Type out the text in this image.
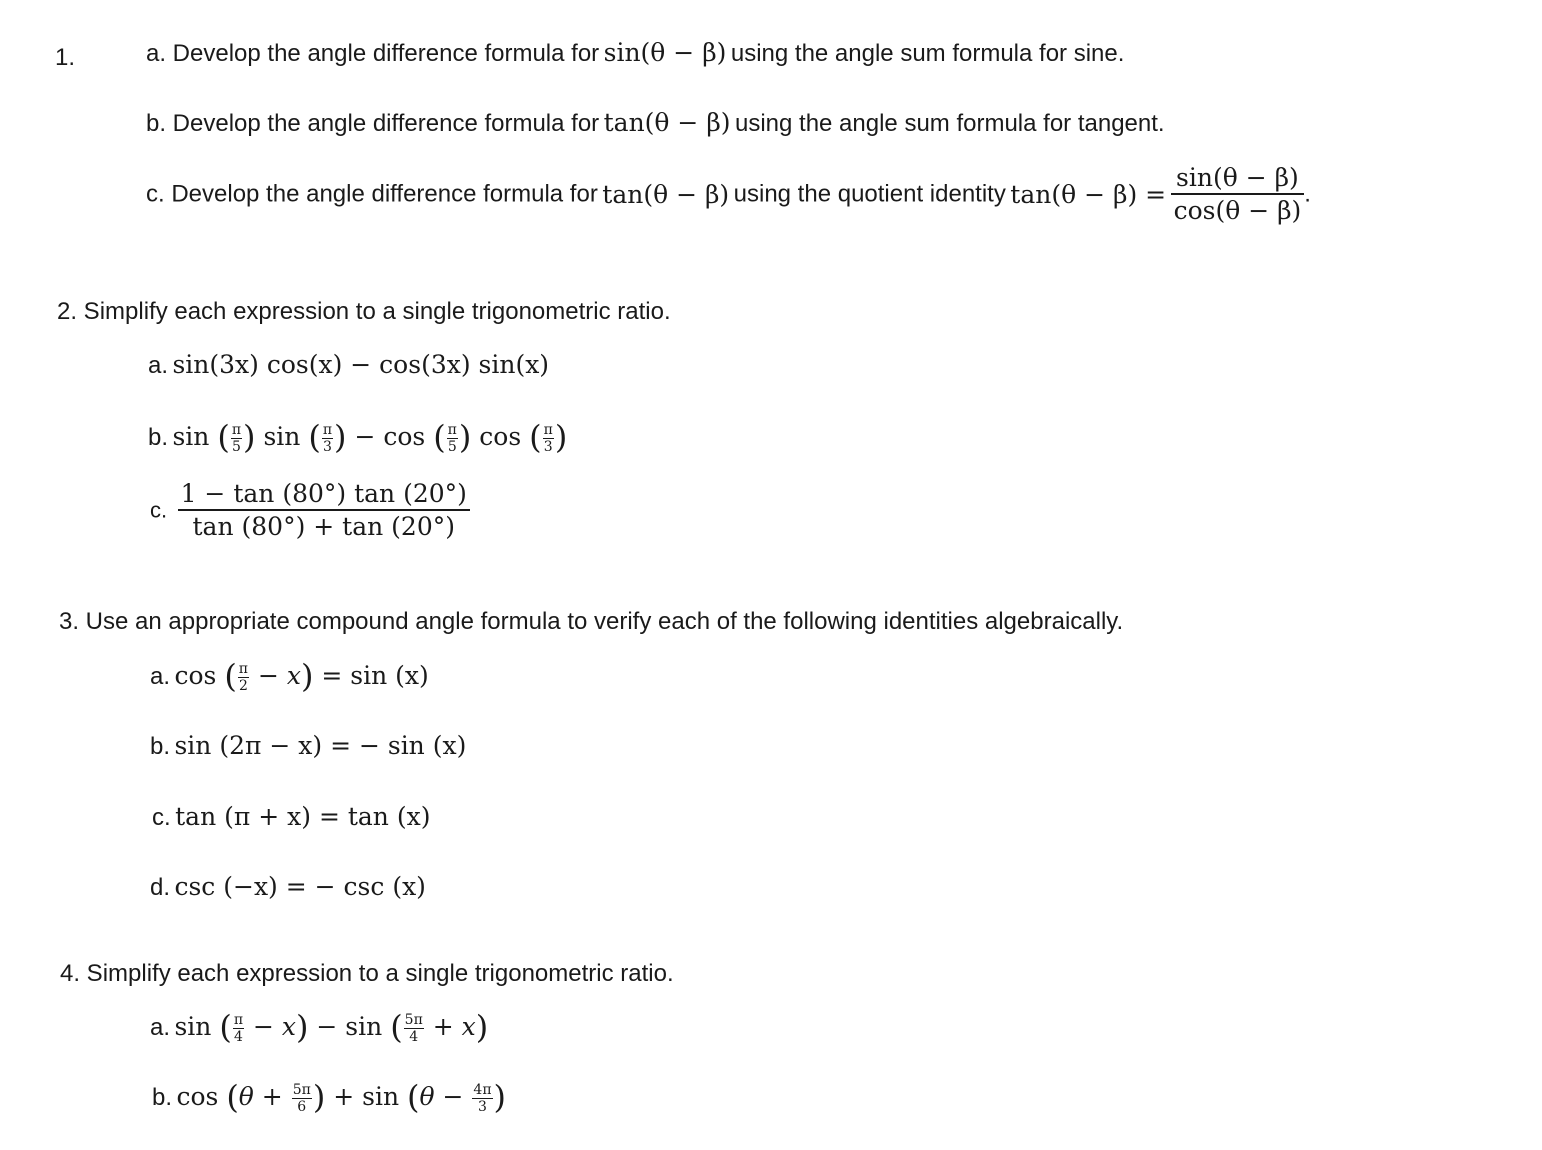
1.	a. Develop the angle difference formula for sin(θ − β) using the angle sum formula for sine.
b. Develop the angle difference formula for tan(θ − β) using the angle sum formula for tangent.
c. Develop the angle difference formula for tan(θ − β) using the quotient identity $\tan(\theta - \beta) = \frac{\sin(\theta - \beta)}{\cos(\theta - \beta)}$ .
2. Simplify each expression to a single trigonometric ratio.
a. sin(3x) cos(x) − cos(3x) sin(x)
b. sin ( $\frac{\pi}{5}$ ) sin ( $\frac{\pi}{3}$ ) − cos ( $\frac{\pi}{5}$ ) cos ( $\frac{\pi}{3}$ )
c. $\frac{1 - \tan (80^\circ) \tan (20^\circ)}{\tan (80^\circ) + \tan (20^\circ)}$
3. Use an appropriate compound angle formula to verify each of the following identities algebraically.
a. cos ( $\frac{\pi}{2} - x) = \sin (x)$
b. sin (2π − x) = − sin (x)
c. tan (π + x) = tan (x)
d. csc (−x) = − csc (x)
4. Simplify each expression to a single trigonometric ratio.
a. sin ( $\frac{\pi}{4} - x) - \sin$ ( $\frac{5\pi}{4} + x$)
b. $\cos (\theta + \frac{5\pi}{6}$ ) + $\sin (\theta - \frac{4\pi}{3}$ )
